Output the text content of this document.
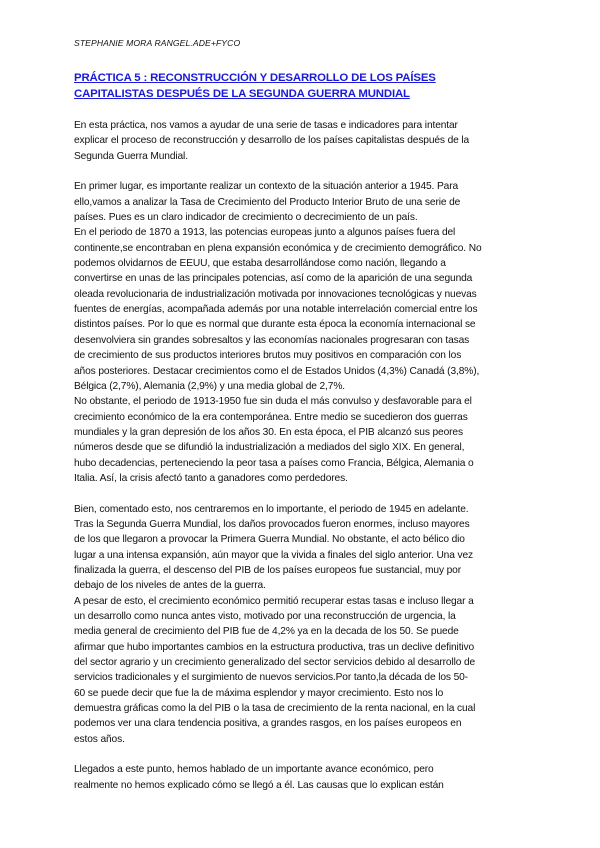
STEPHANIE MORA RANGEL.ADE+FYCO
PRÁCTICA 5 : RECONSTRUCCIÓN Y DESARROLLO DE LOS PAÍSES
CAPITALISTAS DESPUÉS DE LA SEGUNDA GUERRA MUNDIAL

En esta práctica, nos vamos a ayudar de una serie de tasas e indicadores para intentar
explicar el proceso de reconstrucción y desarrollo de los países capitalistas después de la
Segunda Guerra Mundial.

En primer lugar, es importante realizar un contexto de la situación anterior a 1945. Para
ello,vamos a analizar la Tasa de Crecimiento del Producto Interior Bruto de una serie de
países. Pues es un claro indicador de crecimiento o decrecimiento de un país.

En el periodo de 1870 a 1913, las potencias europeas junto a algunos países fuera del
continente,se encontraban en plena expansión económica y de crecimiento demográfico. No
podemos olvidarnos de EEUU, que estaba desarrollándose como nación, llegando a
convertirse en unas de las principales potencias, así como de la aparición de una segunda
oleada revolucionaria de industrialización motivada por innovaciones tecnológicas y nuevas
fuentes de energías, acompañada además por una notable interrelación comercial entre los
distintos países. Por lo que es normal que durante esta época la economía internacional se
desenvolviera sin grandes sobresaltos y las economías nacionales progresaran con tasas
de crecimiento de sus productos interiores brutos muy positivos en comparación con los
años posteriores. Destacar crecimientos como el de Estados Unidos (4,3%) Canadá (3,8%),
Bélgica (2,7%), Alemania (2,9%) y una media global de 2,7%.

No obstante, el periodo de 1913-1950 fue sin duda el más convulso y desfavorable para el
crecimiento económico de la era contemporánea. Entre medio se sucedieron dos guerras
mundiales y la gran depresión de los años 30. En esta época, el PIB alcanzó sus peores
números desde que se difundió la industrialización a mediados del siglo XIX. En general,
hubo decadencias, perteneciendo la peor tasa a países como Francia, Bélgica, Alemania o
Italia. Así, la crisis afectó tanto a ganadores como perdedores.

Bien, comentado esto, nos centraremos en lo importante, el periodo de 1945 en adelante.
Tras la Segunda Guerra Mundial, los daños provocados fueron enormes, incluso mayores
de los que llegaron a provocar la Primera Guerra Mundial. No obstante, el acto bélico dio
lugar a una intensa expansión, aún mayor que la vivida a finales del siglo anterior. Una vez
finalizada la guerra, el descenso del PIB de los países europeos fue sustancial, muy por
debajo de los niveles de antes de la guerra.

A pesar de esto, el crecimiento económico permitió recuperar estas tasas e incluso llegar a
un desarrollo como nunca antes visto, motivado por una reconstrucción de urgencia, la
media general de crecimiento del PIB fue de 4,2% ya en la decada de los 50. Se puede
afirmar que hubo importantes cambios en la estructura productiva, tras un declive definitivo
del sector agrario y un crecimiento generalizado del sector servicios debido al desarrollo de
servicios tradicionales y el surgimiento de nuevos servicios.Por tanto,la década de los 50-
60 se puede decir que fue la de máxima esplendor y mayor crecimiento. Esto nos lo
demuestra gráficas como la del PIB o la tasa de crecimiento de la renta nacional, en la cual
podemos ver una clara tendencia positiva, a grandes rasgos, en los países europeos en
estos años.

Llegados a este punto, hemos hablado de un importante avance económico, pero
realmente no hemos explicado cómo se llegó a él. Las causas que lo explican están
